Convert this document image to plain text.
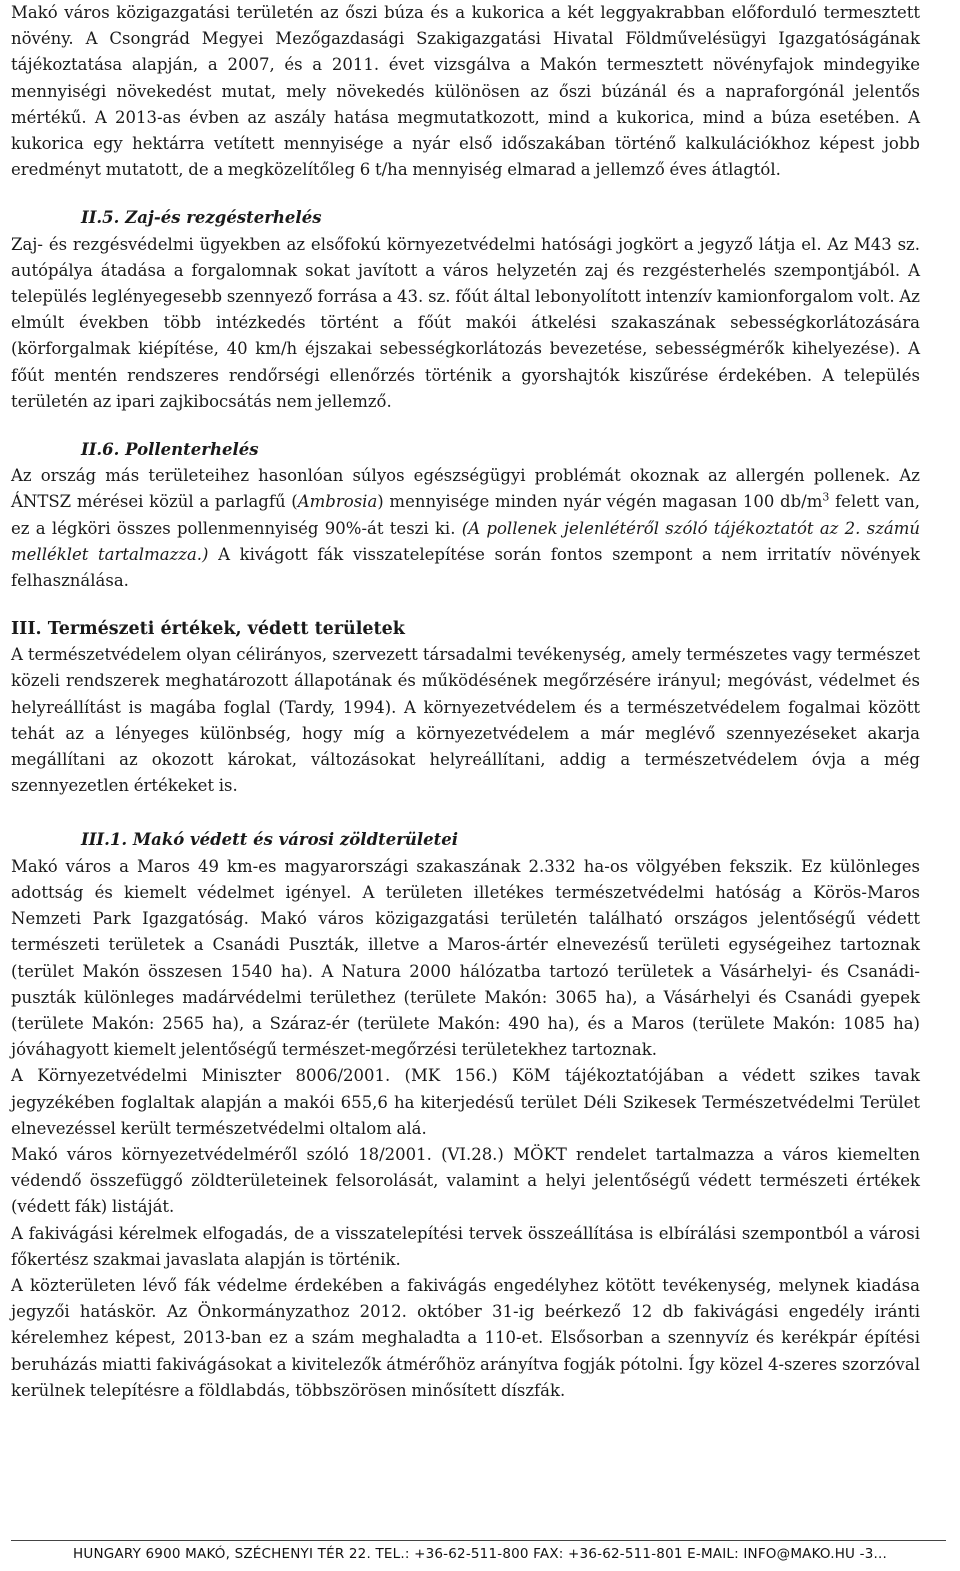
Makó város közigazgatási területén az őszi búza és a kukorica a két leggyakrabban előforduló termesztett növény. A Csongrád Megyei Mezőgazdasági Szakigazgatási Hivatal Földművelésügyi Igazgatóságának tájékoztatása alapján, a 2007, és a 2011. évet vizsgálva a Makón termesztett növényfajok mindegyike mennyiségi növekedést mutat, mely növekedés különösen az őszi búzánál és a napraforgónál jelentős mértékű. A 2013-as évben az aszály hatása megmutatkozott, mind a kukorica, mind a búza esetében. A kukorica egy hektárra vetített mennyisége a nyár első időszakában történő kalkulációkhoz képest jobb eredményt mutatott, de a megközelítőleg 6 t/ha mennyiség elmarad a jellemző éves átlagtól.

II.5. Zaj-és rezgésterhelés

Zaj- és rezgésvédelmi ügyekben az elsőfokú környezetvédelmi hatósági jogkört a jegyző látja el. Az M43 sz. autópálya átadása a forgalomnak sokat javított a város helyzetén zaj és rezgésterhelés szempontjából. A település leglényegesebb szennyező forrása a 43. sz. főút által lebonyolított intenzív kamionforgalom volt. Az elmúlt években több intézkedés történt a főút makói átkelési szakaszának sebességkorlátozására (körforgalmak kiépítése, 40 km/h éjszakai sebességkorlátozás bevezetése, sebességmérők kihelyezése). A főút mentén rendszeres rendőrségi ellenőrzés történik a gyorshajtók kiszűrése érdekében. A település területén az ipari zajkibocsátás nem jellemző.

II.6. Pollenterhelés

Az ország más területeihez hasonlóan súlyos egészségügyi problémát okoznak az allergén pollenek. Az ÁNTSZ mérései közül a parlagfű (Ambrosia) mennyisége minden nyár végén magasan 100 $db/m^3$ felett van, ez a légköri összes pollenmennyiség 90%-át teszi ki. (A pollenek jelenlétéről szóló tájékoztatót az 2. számú melléklet tartalmazza.) A kivágott fák visszatelepítése során fontos szempont a nem irritatív növények felhasználása.

III. Természeti értékek, védett területek

A természetvédelem olyan célirányos, szervezett társadalmi tevékenység, amely természetes vagy természet közeli rendszerek meghatározott állapotának és működésének megőrzésére irányul; megóvást, védelmet és helyreállítást is magába foglal (Tardy, 1994). A környezetvédelem és a természetvédelem fogalmai között tehát az a lényeges különbség, hogy míg a környezetvédelem a már meglévő szennyezéseket akarja megállítani az okozott károkat, változásokat helyreállítani, addig a természetvédelem óvja a még szennyezetlen értékeket is.

III.1. Makó védett és városi zöldterületei

Makó város a Maros 49 km-es magyarországi szakaszának 2.332 ha-os völgyében fekszik. Ez különleges adottság és kiemelt védelmet igényel. A területen illetékes természetvédelmi hatóság a Körös-Maros Nemzeti Park Igazgatóság. Makó város közigazgatási területén található országos jelentőségű védett természeti területek a Csanádi Puszták, illetve a Maros-ártér elnevezésű területi egységeihez tartoznak (terület Makón összesen 1540 ha). A Natura 2000 hálózatba tartozó területek a Vásárhelyi- és Csanádi-puszták különleges madárvédelmi területhez (területe Makón: 3065 ha), a Vásárhelyi és Csanádi gyepek (területe Makón: 2565 ha), a Száraz-ér (területe Makón: 490 ha), és a Maros (területe Makón: 1085 ha) jóváhagyott kiemelt jelentőségű természet-megőrzési területekhez tartoznak.

A Környezetvédelmi Miniszter 8006/2001. (MK 156.) KöM tájékoztatójában a védett szikes tavak jegyzékében foglaltak alapján a makói 655,6 ha kiterjedésű terület Déli Szikesek Természetvédelmi Terület elnevezéssel került természetvédelmi oltalom alá.

Makó város környezetvédelméről szóló 18/2001. (VI.28.) MÖKT rendelet tartalmazza a város kiemelten védendő összefüggő zöldterületeinek felsorolását, valamint a helyi jelentőségű védett természeti értékek (védett fák) listáját.

A fakivágási kérelmek elfogadás, de a visszatelepítési tervek összeállítása is elbírálási szempontból a városi főkertész szakmai javaslata alapján is történik.

A közterületen lévő fák védelme érdekében a fakivágás engedélyhez kötött tevékenység, melynek kiadása jegyzői hatáskör. Az Önkormányzathoz 2012. október 31-ig beérkező 12 db fakivágási engedély iránti kérelemhez képest, 2013-ban ez a szám meghaladta a 110-et. Elsősorban a szennyvíz és kerékpár építési beruházás miatti fakivágásokat a kivitelezők átmérőhöz arányítva fogják pótolni. Így közel 4-szeres szorzóval kerülnek telepítésre a földlabdás, többszörösen minősített díszfák.

HUNGARY 6900 MAKÓ, SZÉCHENYI TÉR 22. TEL.: +36-62-511-800 FAX: +36-62-511-801 E-MAIL: INFO@MAKO.HU -3...
